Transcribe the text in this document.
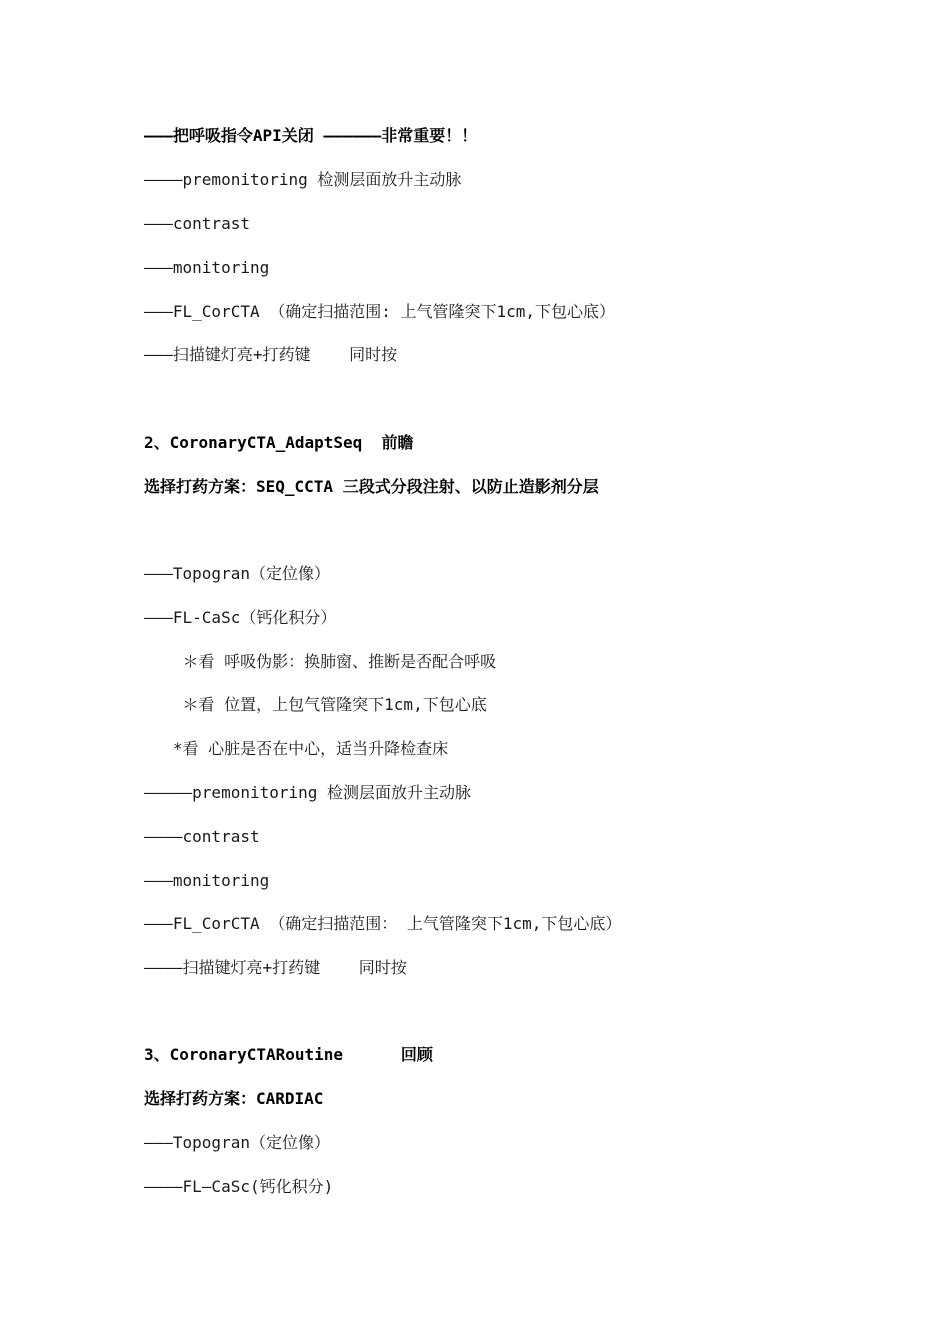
———把呼吸指令API关闭 ——————非常重要！！
————premonitoring 检测层面放升主动脉
———contrast
———monitoring
———FL_CorCTA （确定扫描范围: 上气管隆突下1cm,下包心底）
———扫描键灯亮+打药键    同时按
2、CoronaryCTA_AdaptSeq  前瞻
选择打药方案：SEQ_CCTA 三段式分段注射、以防止造影剂分层
———Topogran（定位像）
———FL-CaSc（钙化积分）
＊看 呼吸伪影：换肺窗、推断是否配合呼吸
＊看 位置，上包气管隆突下1cm,下包心底
*看 心脏是否在中心，适当升降检查床
—————premonitoring 检测层面放升主动脉
————contrast
———monitoring
———FL_CorCTA （确定扫描范围： 上气管隆突下1cm,下包心底）
————扫描键灯亮+打药键    同时按
3、CoronaryCTARoutine      回顾
选择打药方案：CARDIAC
———Topogran（定位像）
————FL—CaSc(钙化积分)
